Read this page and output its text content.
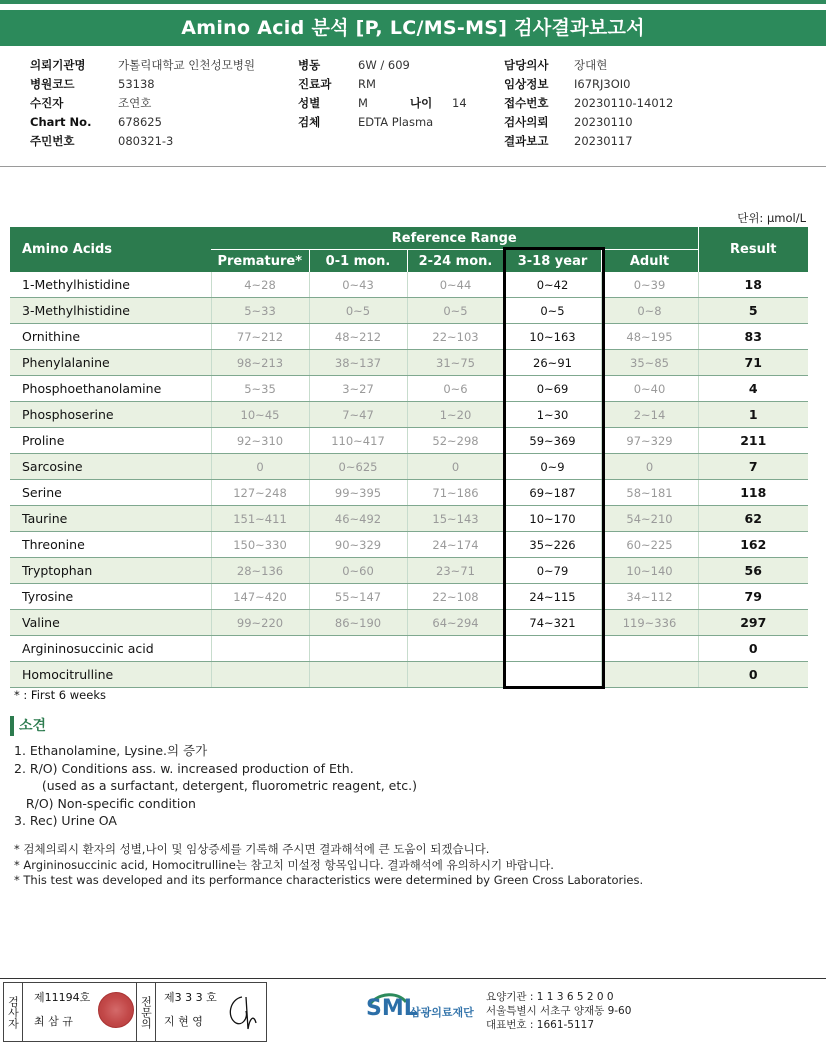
Amino Acid 분석 [P, LC/MS-MS] 검사결과보고서
의뢰기관명	가톨릭대학교 인천성모병원
병원코드	53138
수진자	조연호
Chart No.	678625
주민번호	080321-3
병동	6W / 609
진료과	RM
성별	M	나이	14
검체	EDTA Plasma
담당의사	장대현
임상정보	I67RJ3OI0
접수번호	20230110-14012
검사의뢰	20230110
결과보고	20230117
단위: μmol/L
Amino Acids	Reference Range					Result
	Premature*	0-1 mon.	2-24 mon.	3-18 year	Adult	
1-Methylhistidine	4~28	0~43	0~44	0~42	0~39	18
3-Methylhistidine	5~33	0~5	0~5	0~5	0~8	5
Ornithine	77~212	48~212	22~103	10~163	48~195	83
Phenylalanine	98~213	38~137	31~75	26~91	35~85	71
Phosphoethanolamine	5~35	3~27	0~6	0~69	0~40	4
Phosphoserine	10~45	7~47	1~20	1~30	2~14	1
Proline	92~310	110~417	52~298	59~369	97~329	211
Sarcosine	0	0~625	0	0~9	0	7
Serine	127~248	99~395	71~186	69~187	58~181	118
Taurine	151~411	46~492	15~143	10~170	54~210	62
Threonine	150~330	90~329	24~174	35~226	60~225	162
Tryptophan	28~136	0~60	23~71	0~79	10~140	56
Tyrosine	147~420	55~147	22~108	24~115	34~112	79
Valine	99~220	86~190	64~294	74~321	119~336	297
Argininosuccinic acid						0
Homocitrulline						0
* : First 6 weeks
소견
1. Ethanolamine, Lysine.의 증가
2. R/O) Conditions ass. w. increased production of Eth.
(used as a surfactant, detergent, fluorometric reagent, etc.)
R/O) Non-specific condition
3. Rec) Urine OA
* 검체의뢰시 환자의 성별,나이 및 임상증세를 기록해 주시면 결과해석에 큰 도움이 되겠습니다.
* Argininosuccinic acid, Homocitrulline는 참고치 미설정 항목입니다. 결과해석에 유의하시기 바랍니다.
* This test was developed and its performance characteristics were determined by Green Cross Laboratories.
검사자	제11194호
최 삼 규	전문의	제3 3 3 호
지 현 영
SML
삼광의료재단
요양기관 : 1 1 3 6 5 2 0 0
서울특별시 서초구 양재동 9-60
대표번호 : 1661-5117
